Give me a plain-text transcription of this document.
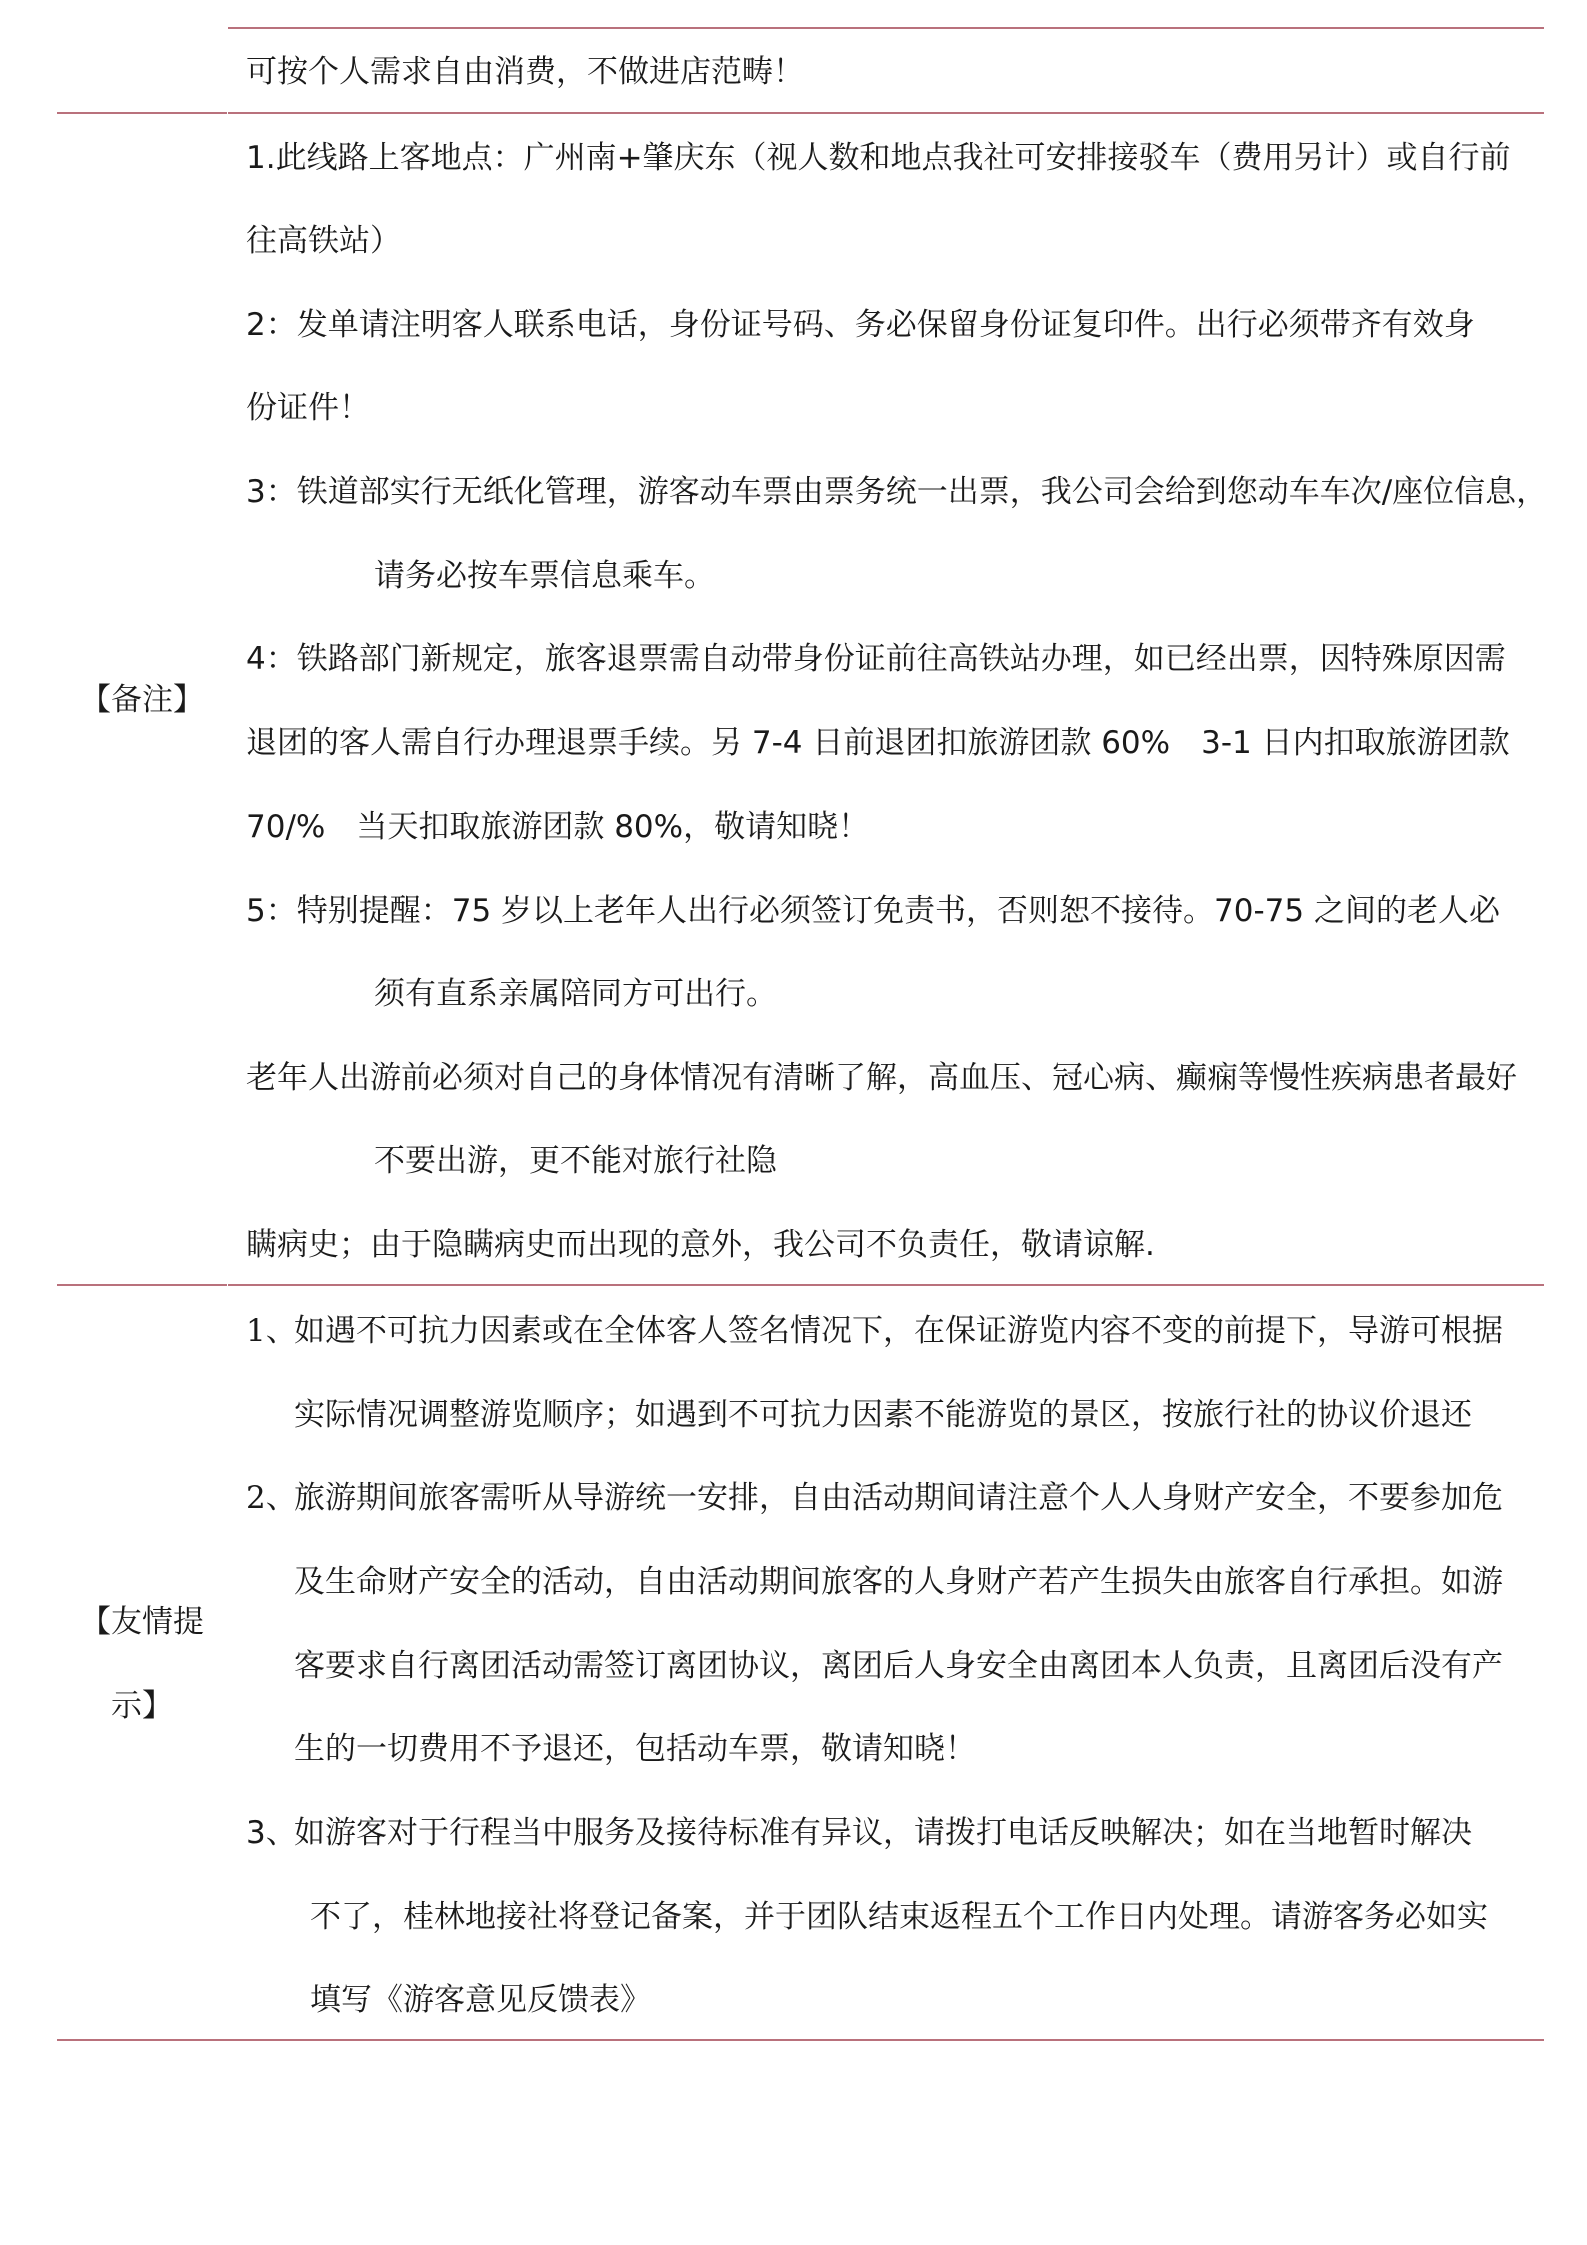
可按个人需求自由消费，不做进店范畴！
【备注】
1.此线路上客地点：广州南+肇庆东（视人数和地点我社可安排接驳车（费用另计）或自行前
往高铁站）
2：发单请注明客人联系电话，身份证号码、务必保留身份证复印件。出行必须带齐有效身
份证件！
3：铁道部实行无纸化管理，游客动车票由票务统一出票，我公司会给到您动车车次/座位信息，
请务必按车票信息乘车。
4：铁路部门新规定，旅客退票需自动带身份证前往高铁站办理，如已经出票，因特殊原因需
退团的客人需自行办理退票手续。另 7-4 日前退团扣旅游团款 60%　3-1 日内扣取旅游团款
70/%　当天扣取旅游团款 80%，敬请知晓！
5：特别提醒：75 岁以上老年人出行必须签订免责书，否则恕不接待。70-75 之间的老人必
须有直系亲属陪同方可出行。
老年人出游前必须对自己的身体情况有清晰了解，高血压、冠心病、癫痫等慢性疾病患者最好
不要出游，更不能对旅行社隐
瞒病史；由于隐瞒病史而出现的意外，我公司不负责任，敬请谅解.
【友情提
示】
1、
如遇不可抗力因素或在全体客人签名情况下，在保证游览内容不变的前提下，导游可根据
实际情况调整游览顺序；如遇到不可抗力因素不能游览的景区，按旅行社的协议价退还
2、
旅游期间旅客需听从导游统一安排，自由活动期间请注意个人人身财产安全，不要参加危
及生命财产安全的活动，自由活动期间旅客的人身财产若产生损失由旅客自行承担。如游
客要求自行离团活动需签订离团协议，离团后人身安全由离团本人负责，且离团后没有产
生的一切费用不予退还，包括动车票，敬请知晓！
3、
如游客对于行程当中服务及接待标准有异议，请拨打电话反映解决；如在当地暂时解决
不了，桂林地接社将登记备案，并于团队结束返程五个工作日内处理。请游客务必如实
填写《游客意见反馈表》
